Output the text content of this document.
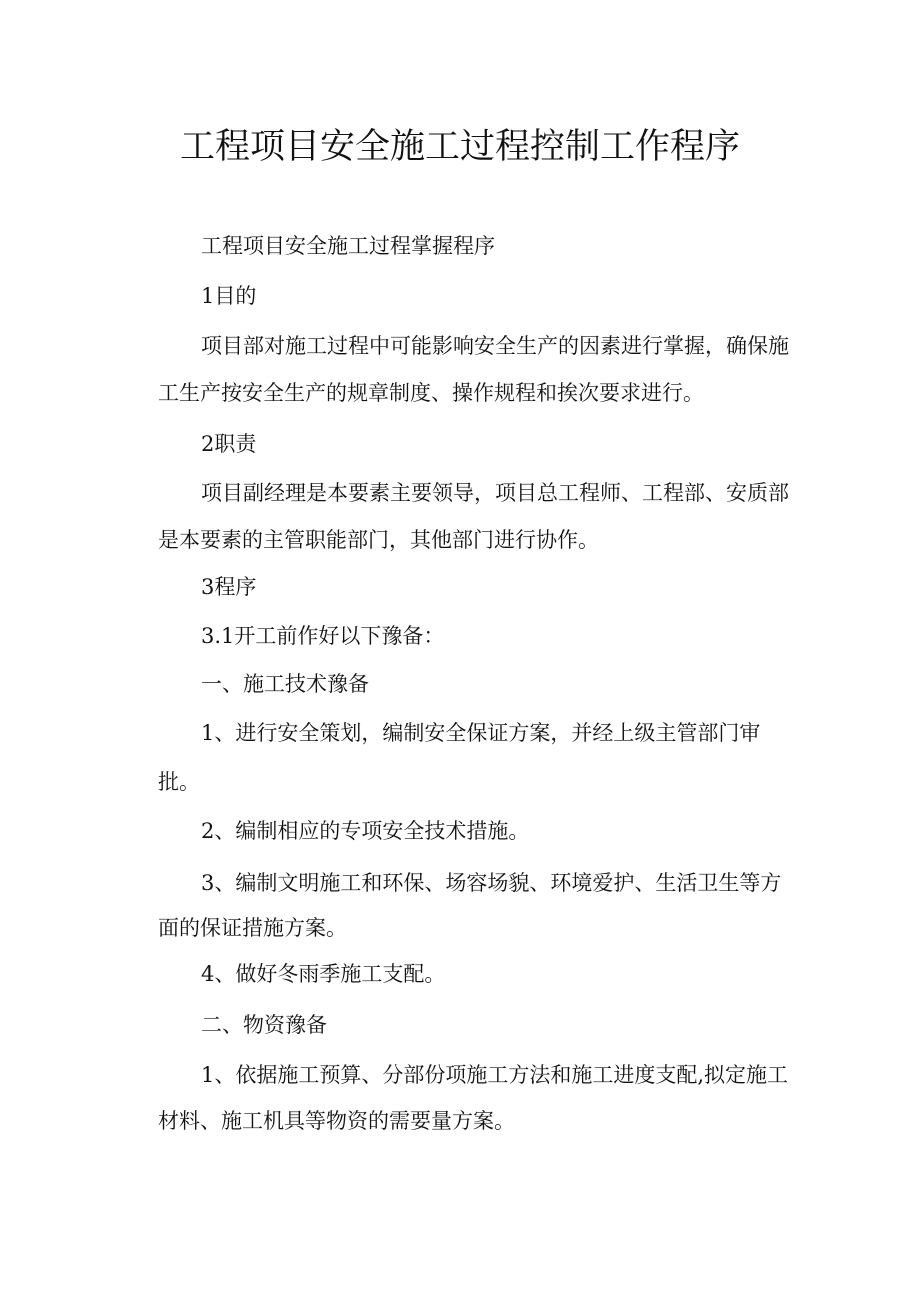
工程项目安全施工过程控制工作程序
工程项目安全施工过程掌握程序
1目的
项目部对施工过程中可能影响安全生产的因素进行掌握，确保施
工生产按安全生产的规章制度、操作规程和挨次要求进行。
2职责
项目副经理是本要素主要领导，项目总工程师、工程部、安质部
是本要素的主管职能部门，其他部门进行协作。
3程序
3.1开工前作好以下豫备：
一、施工技术豫备
1、进行安全策划，编制安全保证方案，并经上级主管部门审
批。
2、编制相应的专项安全技术措施。
3、编制文明施工和环保、场容场貌、环境爱护、生活卫生等方
面的保证措施方案。
4、做好冬雨季施工支配。
二、物资豫备
1、依据施工预算、分部份项施工方法和施工进度支配,拟定施工
材料、施工机具等物资的需要量方案。
